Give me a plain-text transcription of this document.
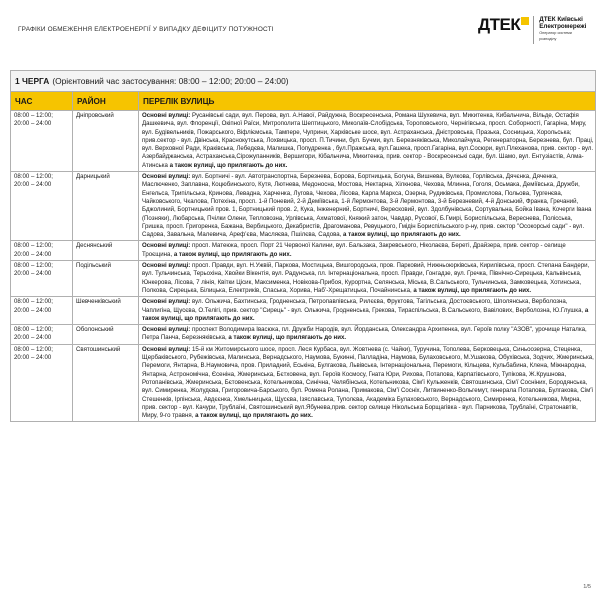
ГРАФІКИ ОБМЕЖЕННЯ ЕЛЕКТРОЕНЕРГІЇ У ВИПАДКУ ДЕФІЦИТУ ПОТУЖНОСТІ	ДТЕК	ДТЕК Київські
Електромережі
Оператор системи
розподілу
1 ЧЕРГА (Орієнтовний час застосування: 08:00 – 12:00; 20:00 – 24:00)
ЧАС	РАЙОН	ПЕРЕЛІК ВУЛИЦЬ
08:00 – 12:00;
20:00 – 24:00
Дніпровський	Основні вулиці: Русанівські сади, вул. Перова, вул. А.Навої, Райдужна, Воскресенська, Романа Шухевича, вул. Микитенка, Кибальчича, Вільде, Остафія Дашкевича, вул. Флоренції, Окіпної Раїси, Митрополита Шептицького, Миколаїв-Слобідська, Тороповського, Чернігівська, просп. Соборності, Гагаріна, Миру, вул. Будівельників, Пожарського, Віфліємська, Тампере, Чуприни, Харківське шосе, вул. Астраханська, Дністровська, Празька, Сосницька, Хорольська; прив.сектор - вул. Двінська, Краснокутська, Лохвицька, просп. П.Тичини, бул. Бучми, вул. Березняківська, Миколайчука, Регенераторна, Березнева, бул. Праці, вул. Верховної Ради, Краківська, Лебедєва, Малишка, Попудренка , бул.Пражська, вул.Гашека, просп.Гагаріна, вул.Сосюри, вул.Плеханова, прив. сектор - вул. Азербайджанська, Астраханська,Сірожупанників, Вершигори, Кібальчича, Микитенка, прив. сектор - Воскресенські сади, бул. Шамо, вул. Ентузіастів, Алма-Атинська а також вулиці, що прилягають до них.
08:00 – 12:00;
20:00 – 24:00
Дарницький	Основні вулиці: вул. Бортничі - вул. Автотранспортна, Березнева, Борова, Бортницька, Богуна, Вишнева, Вулкова, Горлівська, Дячєнка, Дяченка, Маслюченко, Заплавна, Коцюбинського, Кутя, Лютнева, Медоносна, Мостова, Нектарна, Хілкнова, Чехова, Млинна, Гоголя, Осьмака, Деміївська, Дружби, Енгельса, Трипільська, Кринова, Левадна, Харченка, Луговa, Чехова, Лісова, Карла Маркса, Озерна, Рудиківська, Промислова, Польова, Тургенєва, Чайковського, Чкалова, Потехіна, просп. 1-й Поневий, 2-й Деміївська, 1-й Лермонтова, 3-й Лермонтова, 3-й Березневий, 4-й Донський, Франка, Гречаний, Бджолиний, Бортницький пров. 1, Бортницький пров. 2, Кука, Інженерний, Бортничі, Вересковий, вул. Здолбунівська, Сортувальна, Бойка Івана, Кочерги Івана (Позняки), Любарська, Пчілки Олени, Тепловозна, Урлівська, Ахматової, Княжий затон, Чавдар, Русової, Б.Гмирі, Бориспільська, Вересневa, Полісська, Гришка, просп. Григоренка, Бажана, Вербицького, Декабристів, Драгоманова, Ревуцького, Гмідін Бориспільського р-ну, прив. сектор "Осокорські сади" - вул. Садова, Завальна, Малевича, Арефʼєва, Масляєва, Пшілєва, Садова, а також вулиці, що прилягають до них.
08:00 – 12:00;
20:00 – 24:00
Деснянський	Основні вулиці: просп. Матеюка, просп. Порт 21 Червоної Калини, вул. Бальзака, Закревського, Ніколаєва, Береті, Драйзера, прив. сектор - селище Троєщина, а також вулиці, що прилягають до них.
08:00 – 12:00;
20:00 – 24:00
Подільський	Основні вулиці: просп. Правди, вул. Н.Ужвій, Паркова, Мостицька, Вишгородська, пров. Парковий, Нижньоюрківська, Кирилівська, просп. Степана Бандери, вул. Тульчинська, Терьохіна, Хвойки Вікентія, вул. Радунська, пл. Інтернаціональна, просп. Правди, Гонгадзе, вул. Гречка, Північно-Сирецька, Кальвінська, Юнкерова, Лісова, 7 лінія, Квітки Цісик, Максименка, Новікова-Прибоя, Курортна, Селянська, Міська, В.Сальського, Тульчинська, Замковецька, Хотинська, Полкова, Сирецька, Білицька, Електриків, Спаська, Хорива, Набʼ-Хрещатицька, Почайнинська, а також вулиці, що прилягають до них.
08:00 – 12:00;
20:00 – 24:00
Шевченківський	Основні вулиці: вул. Ольжича, Бахтинська, Гродненська, Петропавлівська, Рилєєва, Фруктова, Тагільська, Достоєвського, Шполянська, Верболозна, Чаплигіна, Щусєва, О.Телігі, прив. сектор "Сирець" - вул. Ольжича, Гродненська, Грекова, Тираспільська, В.Сальського, Вавілових, Верболозна, Ю.Глушка, а також вулиці, що прилягають до них.
08:00 – 12:00;
20:00 – 24:00
Оболонський	Основні вулиці: проспект Володимира Івасюка, пл. Дружби Народів, вул. Йорданська, Олександра Архипенка, вул. Героїв полку "АЗОВ", урочище Наталка, Петра Панча, Березняківська, а також вулиці, що прилягають до них.
08:00 – 12:00;
20:00 – 24:00
Святошинський	Основні вулиці: 15-й км Житомирського шосе, просп. Леся Курбаса, вул. Жовтнева (с. Чайки), Туручина, Тополева, Берковецька, Синьоозерна, Стеценка, Щербаківського, Рубежівська, Малинська, Вернадського, Наумова, Букинні, Палладіна, Наумова, Булаховського, М.Ушакова, Обухівська, Зодчих, Жмеринська, Перемоги, Янтарна, В.Наумовича, пров. Приладний, Еськіна, Булгакова, Львівська, Інтернаціональна, Перемоги, Кільцева, Кульбабина, Клена, Міжнародна, Янтарна, Астрономічна, Єсеніна, Жмеринська, Бєтховена, вул. Героїв Космосу, Гната Юри, Рихова, Потапова, Карпатівського, Тупікова, Ж.Крушнова, Ротопанівська, Жмеринська, Бєтовенська, Котельникова, Синічна, Челябінська, Котельникова, Сім'ї Кульженків, Святошинська, Сім'ї Сосніних, Бородянська, вул. Симиренка, Жолудєва, Григоровича-Барського, бул. Ромена Ролана, Примакова, Сім'ї Сосніх, Литвиненко-Вольгемут, генерала Потапова, Булгакова, Сім'ї Стешенків, Ірпінська, Авдєєнка, Хмельницька, Щусєва, Ізяславська, Туполєва, Академіка Булаховського, Вернадського, Симиренка, Котельникова, Мирна, прив. сектор - вул. Качури, Трублаїні, Святошинський вул.Ябунева,прив. сектор селище Нікольська Борщагівка - вул. Парникова, Трублаїні, Стратонавтів, Миру, 9-го травня, а також вулиці, що прилягають до них.
1/5
